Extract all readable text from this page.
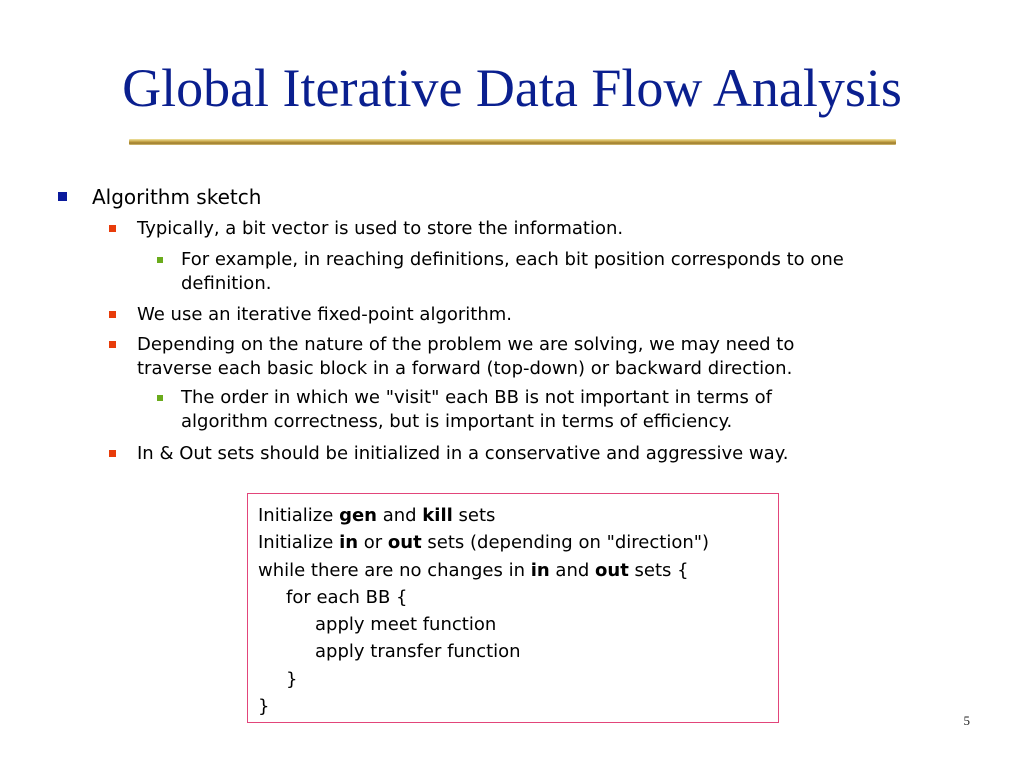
Global Iterative Data Flow Analysis
Algorithm sketch
Typically, a bit vector is used to store the information.
For example, in reaching definitions, each bit position corresponds to one
definition.
We use an iterative fixed-point algorithm.
Depending on the nature of the problem we are solving, we may need to
traverse each basic block in a forward (top-down) or backward direction.
The order in which we "visit" each BB is not important in terms of
algorithm correctness, but is important in terms of efficiency.
In & Out sets should be initialized in a conservative and aggressive way.
Initialize gen and kill sets
Initialize in or out sets (depending on "direction")
while there are no changes in in and out sets {
for each BB {
apply meet function
apply transfer function
}
}
5
